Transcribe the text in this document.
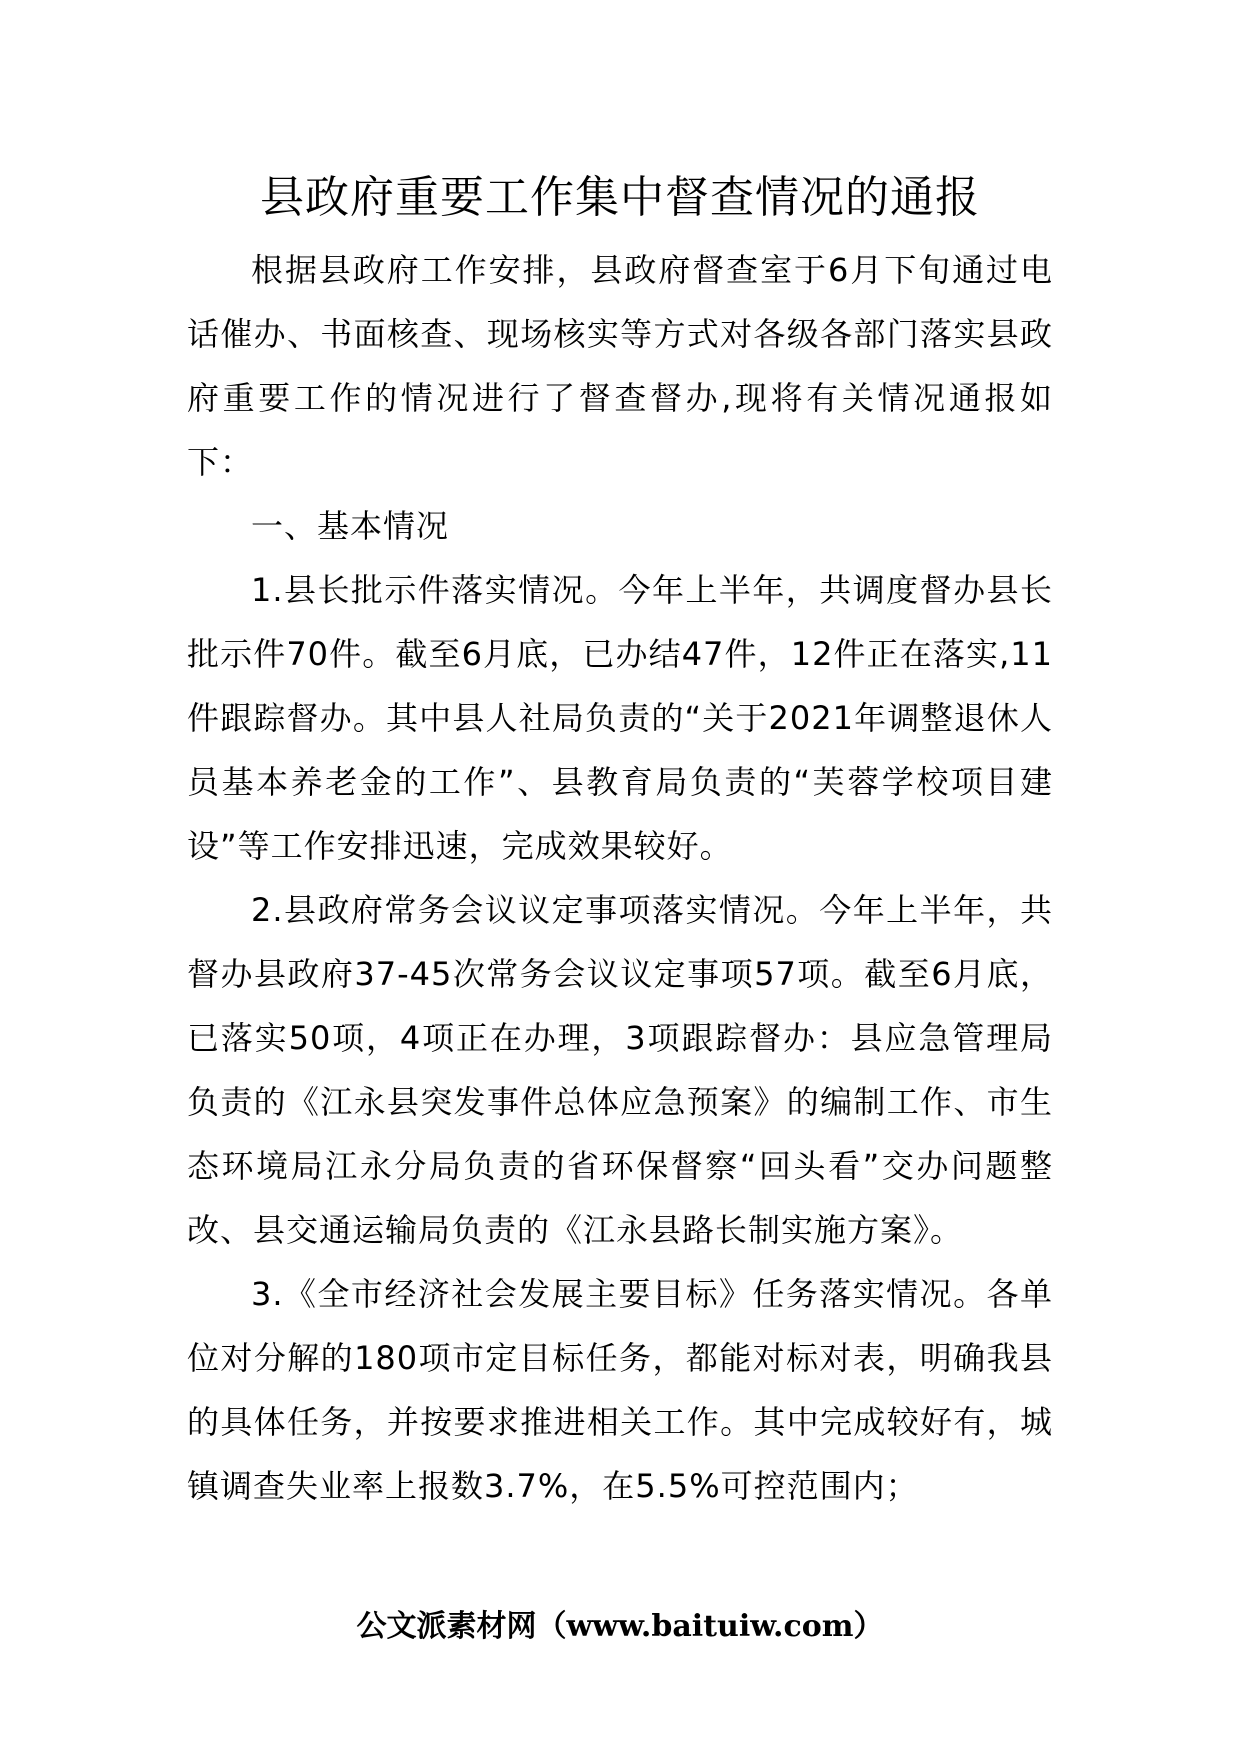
县政府重要工作集中督查情况的通报

根据县政府工作安排，县政府督查室于6月下旬通过电话催办、书面核查、现场核实等方式对各级各部门落实县政府重要工作的情况进行了督查督办,现将有关情况通报如下：

一、基本情况

1.县长批示件落实情况。今年上半年，共调度督办县长批示件70件。截至6月底，已办结47件，12件正在落实,11件跟踪督办。其中县人社局负责的“关于2021年调整退休人员基本养老金的工作”、县教育局负责的“芙蓉学校项目建设”等工作安排迅速，完成效果较好。

2.县政府常务会议议定事项落实情况。今年上半年，共督办县政府37-45次常务会议议定事项57项。截至6月底，已落实50项，4项正在办理，3项跟踪督办：县应急管理局负责的《江永县突发事件总体应急预案》的编制工作、市生态环境局江永分局负责的省环保督察“回头看”交办问题整改、县交通运输局负责的《江永县路长制实施方案》。

3.《全市经济社会发展主要目标》任务落实情况。各单位对分解的180项市定目标任务，都能对标对表，明确我县的具体任务，并按要求推进相关工作。其中完成较好有，城镇调查失业率上报数3.7%，在5.5%可控范围内；

公文派素材网（www.baituiw.com）
